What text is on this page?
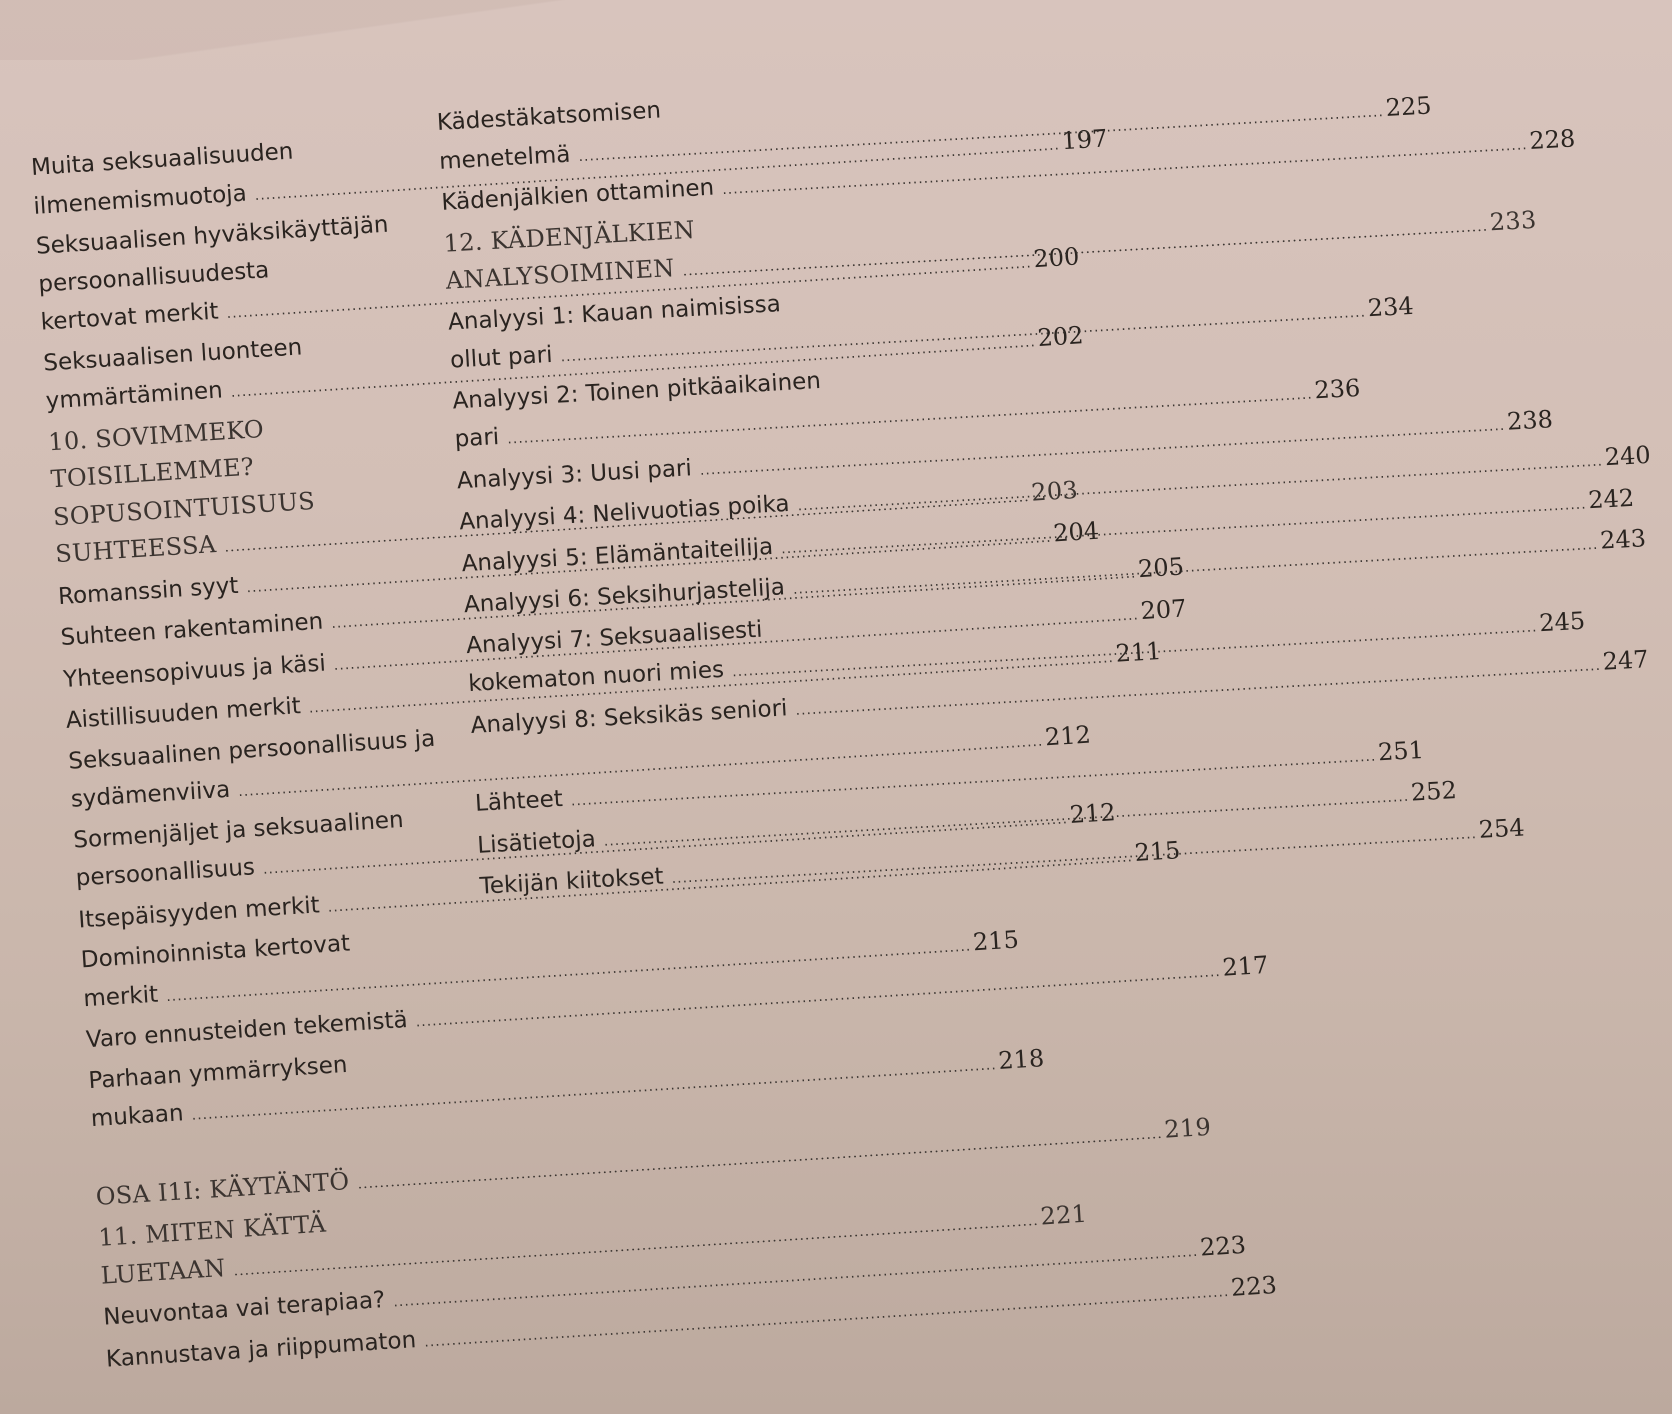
Muita seksuaalisuuden
ilmenemismuotoja..... 197
Seksuaalisen hyväksikäyttäjän
persoonallisuudesta
kertovat merkit..... 200
Seksuaalisen luonteen
ymmärtäminen..... 202
10. SOVIMMEKO
TOISILLEMME?
SOPUSOINTUISUUS
SUHTEESSA..... 203
Romanssin syyt..... 204
Suhteen rakentaminen..... 205
Yhteensopivuus ja käsi..... 207
Aistillisuuden merkit..... 211
Seksuaalinen persoonallisuus ja
sydämenviiva..... 212
Sormenjäljet ja seksuaalinen
persoonallisuus..... 212
Itsepäisyyden merkit..... 215
Dominoinnista kertovat
merkit..... 215
Varo ennusteiden tekemistä..... 217
Parhaan ymmärryksen
mukaan..... 218
OSA I1I: KÄYTÄNTÖ..... 219
11. MITEN KÄTTÄ
LUETAAN..... 221
Neuvontaa vai terapiaa?..... 223
Kannustava ja riippumaton..... 223
Kädestäkatsomisen
menetelmä..... 225
Kädenjälkien ottaminen..... 228
12. KÄDENJÄLKIEN
ANALYSOIMINEN..... 233
Analyysi 1: Kauan naimisissa
ollut pari..... 234
Analyysi 2: Toinen pitkäaikainen
pari..... 236
Analyysi 3: Uusi pari..... 238
Analyysi 4: Nelivuotias poika..... 240
Analyysi 5: Elämäntaiteilija..... 242
Analyysi 6: Seksihurjastelija..... 243
Analyysi 7: Seksuaalisesti
kokematon nuori mies..... 245
Analyysi 8: Seksikäs seniori..... 247
Lähteet..... 251
Lisätietoja..... 252
Tekijän kiitokset..... 254
